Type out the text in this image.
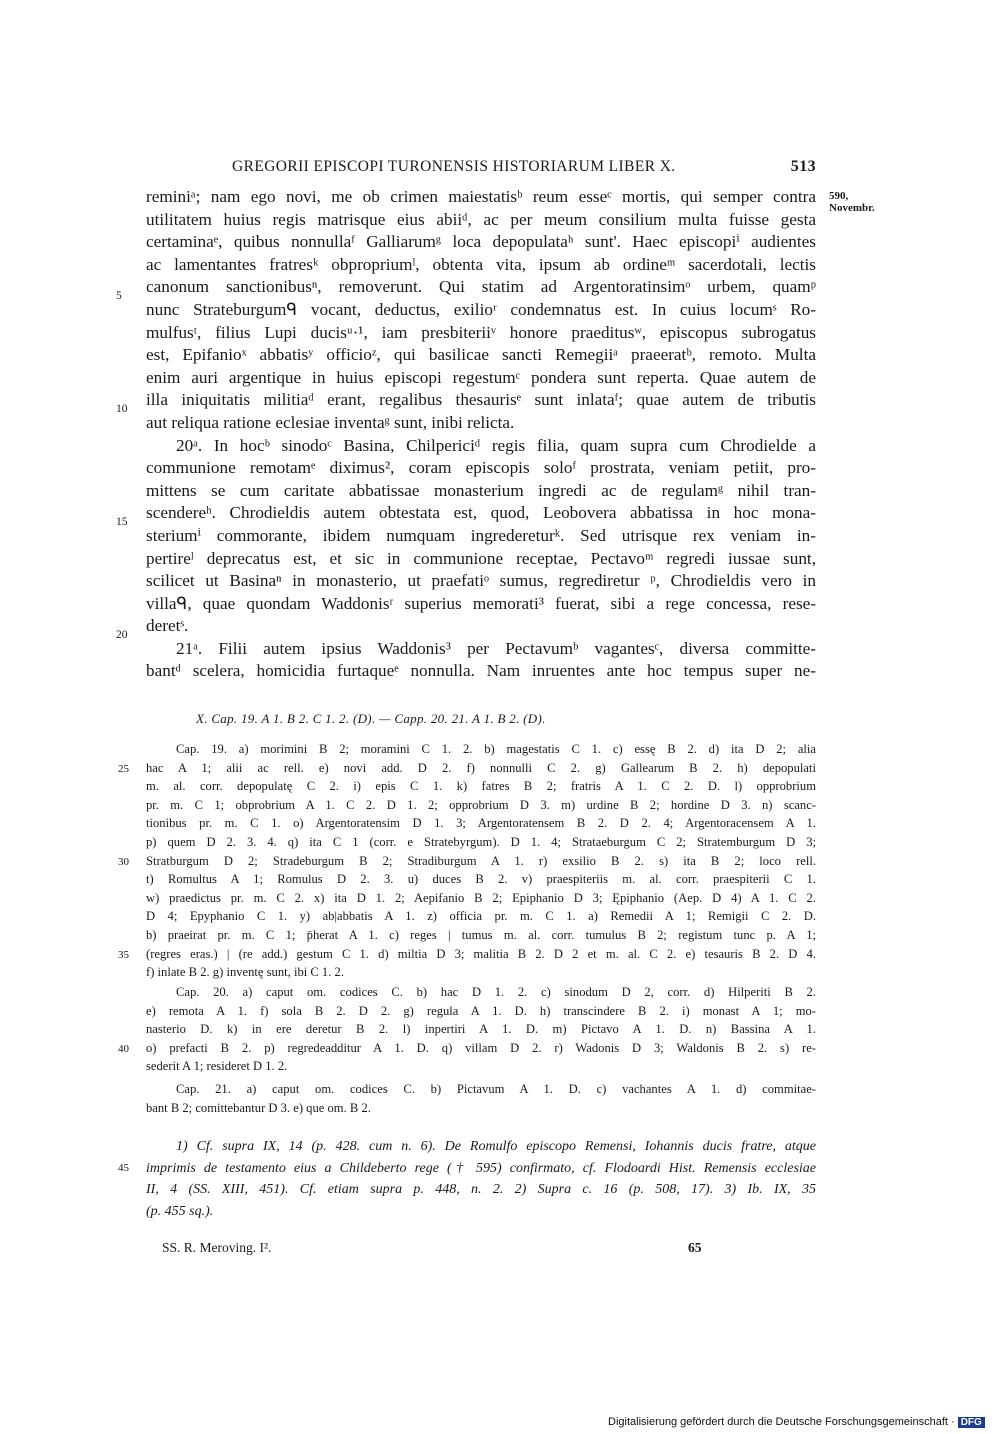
GREGORII EPISCOPI TURONENSIS HISTORIARUM LIBER X.	513
590,
Novembr.
reminiᵃ; nam ego novi, me ob crimen maiestatisᵇ reum esseᶜ mortis, qui semper contra
utilitatem huius regis matrisque eius abiiᵈ, ac per meum consilium multa fuisse gesta
certaminaᵉ, quibus nonnullaᶠ Galliarumᵍ loca depopulataʰ sunt'. Haec episcopiⁱ audientes
ac lamentantes fratresᵏ obpropriumˡ, obtenta vita, ipsum ab ordineᵐ sacerdotali, lectis
canonum sanctionibusⁿ, removerunt. Qui statim ad Argentoratinsimᵒ urbem, quamᵖ
nunc Strateburgumᑫ vocant, deductus, exilioʳ condemnatus est. In cuius locumˢ Ro-
mulfusᵗ, filius Lupi ducisᵘ·¹, iam presbiteriiᵛ honore praeditusʷ, episcopus subrogatus
est, Epifanioˣ abbatisʸ officioᶻ, qui basilicae sancti Remegiiᵃ praeeratᵇ, remoto. Multa
enim auri argentique in huius episcopi regestumᶜ pondera sunt reperta. Quae autem de
illa iniquitatis militiaᵈ erant, regalibus thesaurisᵉ sunt inlataᶠ; quae autem de tributis
aut reliqua ratione eclesiae inventaᵍ sunt, inibi relicta.
20ᵃ. In hocᵇ sinodoᶜ Basina, Chilpericiᵈ regis filia, quam supra cum Chrodielde a
communione remotamᵉ diximus², coram episcopis soloᶠ prostrata, veniam petiit, pro-
mittens se cum caritate abbatissae monasterium ingredi ac de regulamᵍ nihil tran-
scendereʰ. Chrodieldis autem obtestata est, quod, Leobovera abbatissa in hoc mona-
steriumⁱ commorante, ibidem numquam ingredereturᵏ. Sed utrisque rex veniam in-
pertireˡ deprecatus est, et sic in communione receptae, Pectavoᵐ regredi iussae sunt,
scilicet ut Basinaⁿ in monasterio, ut praefatiᵒ sumus, regrediretur ᵖ, Chrodieldis vero in
villaᑫ, quae quondam Waddonisʳ superius memorati³ fuerat, sibi a rege concessa, rese-
deretˢ.
21ᵃ. Filii autem ipsius Waddonis³ per Pectavumᵇ vagantesᶜ, diversa committe-
bantᵈ scelera, homicidia furtaqueᵉ nonnulla. Nam inruentes ante hoc tempus super ne-
5
10
15
20
X. Cap. 19. A 1. B 2. C 1. 2. (D). — Capp. 20. 21. A 1. B 2. (D).
Cap. 19. a) morimini B 2; moramini C 1. 2. b) magestatis C 1. c) essę B 2. d) ita D 2; alia
hac A 1; alii ac rell. e) novi add. D 2. f) nonnulli C 2. g) Gallearum B 2. h) depopulati
m. al. corr. depopulatę C 2. i) epis C 1. k) fatres B 2; fratris A 1. C 2. D. l) opprobrium
pr. m. C 1; obprobrium A 1. C 2. D 1. 2; opprobrium D 3. m) urdine B 2; hordine D 3. n) scanc-
tionibus pr. m. C 1. o) Argentoratensim D 1. 3; Argentoratensem B 2. D 2. 4; Argentoracensem A 1.
p) quem D 2. 3. 4. q) ita C 1 (corr. e Stratebyrgum). D 1. 4; Strataeburgum C 2; Stratemburgum D 3;
Stratburgum D 2; Stradeburgum B 2; Stradiburgum A 1. r) exsilio B 2. s) ita B 2; loco rell.
t) Romultus A 1; Romulus D 2. 3. u) duces B 2. v) praespiteriis m. al. corr. praespiterii C 1.
w) praedictus pr. m. C 2. x) ita D 1. 2; Aepifanio B 2; Epiphanio D 3; Ępiphanio (Aep. D 4) A 1. C 2.
D 4; Epyphanio C 1. y) ab|abbatis A 1. z) officia pr. m. C 1. a) Remedii A 1; Remigii C 2. D.
b) praeirat pr. m. C 1; p̄herat A 1. c) reges | tumus m. al. corr. tumulus B 2; registum tunc p. A 1;
(regres eras.) | (re add.) gestum C 1. d) miltia D 3; malitia B 2. D 2 et m. al. C 2. e) tesauris B 2. D 4.
f) inlate B 2. g) inventę sunt, ibi C 1. 2.
Cap. 20. a) caput om. codices C. b) hac D 1. 2. c) sinodum D 2, corr. d) Hilperiti B 2.
e) remota A 1. f) sola B 2. D 2. g) regula A 1. D. h) transcindere B 2. i) monast A 1; mo-
nasterio D. k) in ere deretur B 2. l) inpertiri A 1. D. m) Pictavo A 1. D. n) Bassina A 1.
o) prefacti B 2. p) regredeadditur A 1. D. q) villam D 2. r) Wadonis D 3; Waldonis B 2. s) re-
sederit A 1; resideret D 1. 2.
Cap. 21. a) caput om. codices C. b) Pictavum A 1. D. c) vachantes A 1. d) commitae-
bant B 2; comittebantur D 3. e) que om. B 2.
25
30
35
40
1) Cf. supra IX, 14 (p. 428. cum n. 6). De Romulfo episcopo Remensi, Iohannis ducis fratre, atque
imprimis de testamento eius a Childeberto rege († 595) confirmato, cf. Flodoardi Hist. Remensis ecclesiae
II, 4 (SS. XIII, 451). Cf. etiam supra p. 448, n. 2. 2) Supra c. 16 (p. 508, 17). 3) Ib. IX, 35
(p. 455 sq.).
45
SS. R. Meroving. I².	65
Digitalisierung gefördert durch die Deutsche Forschungsgemeinschaft · DFG
